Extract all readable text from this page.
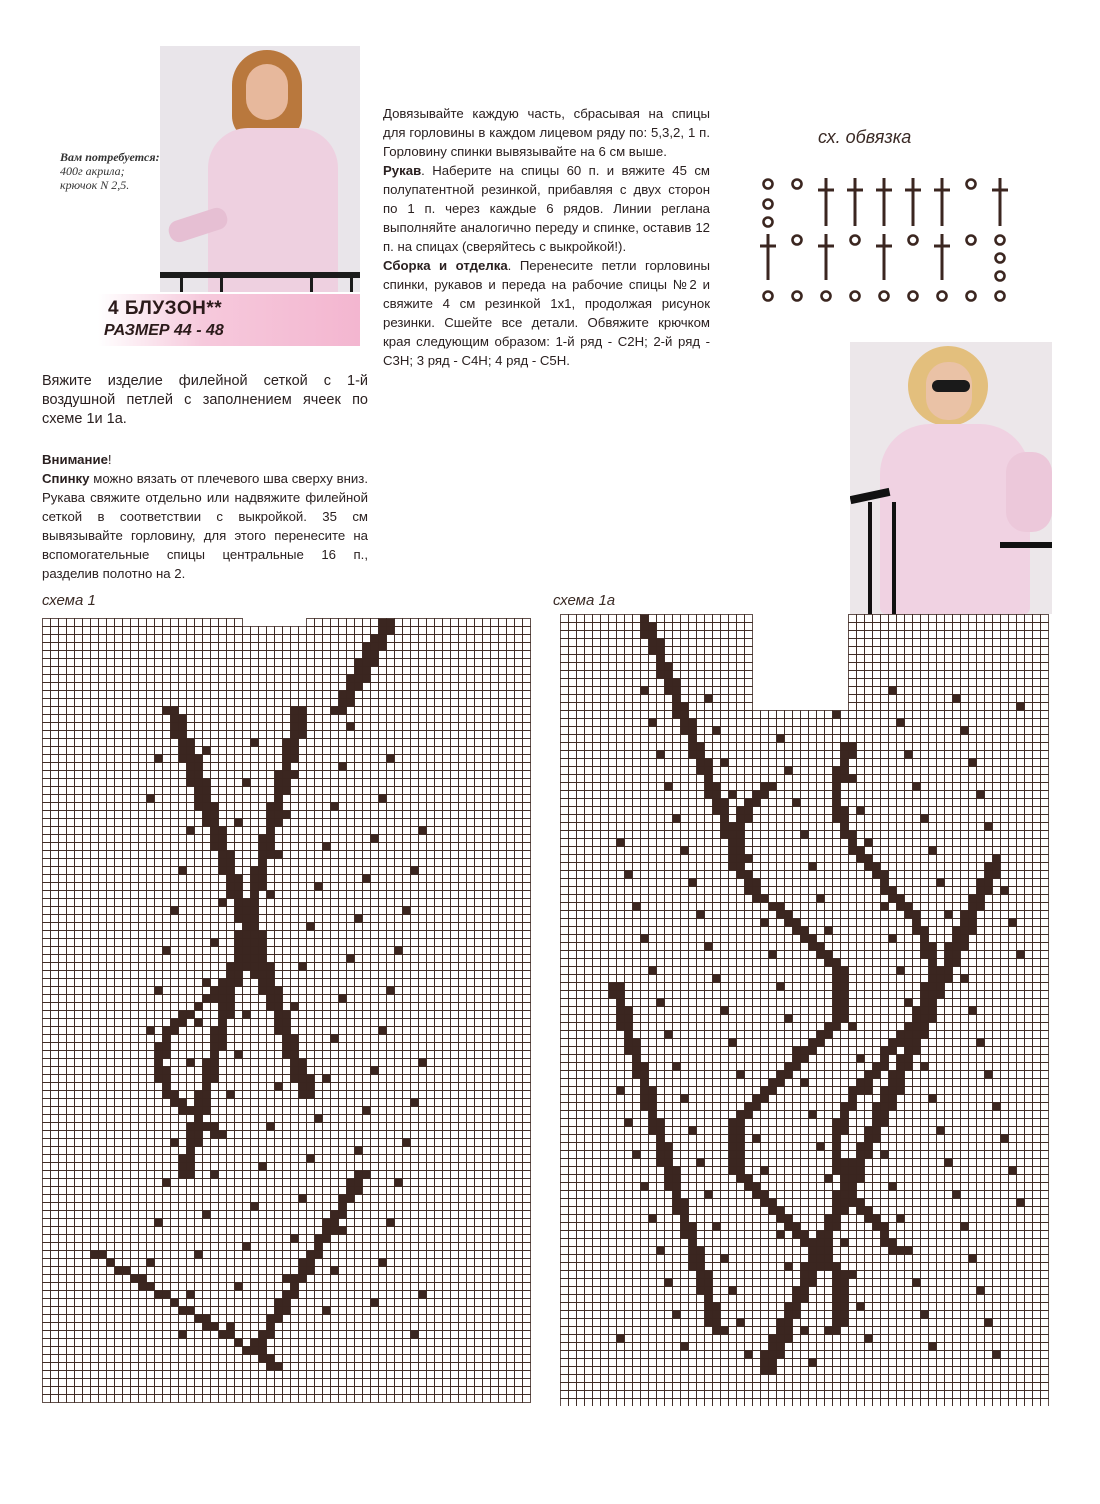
Вам потребуется:
400г акрила;
крючок N 2,5.
4 БЛУЗОН**
РАЗМЕР 44 - 48
Вяжите изделие филейной сеткой с 1-й воздушной петлей с заполнением ячеек по схеме 1и 1а.
Внимание!
Спинку можно вязать от плечевого шва сверху вниз. Рукава свяжите отдельно или надвяжите филейной сеткой в соответствии с выкройкой. 35 см вывязывайте горловину, для этого перенесите на вспомогательные спицы центральные 16 п., разделив полотно на 2.
Довязывайте каждую часть, сбрасывая на спицы для горловины в каждом лицевом ряду по: 5,3,2, 1 п. Горловину спинки вывязывайте на 6 см выше.
Рукав. Наберите на спицы 60 п. и вяжите 45 см полупатентной резинкой, прибавляя с двух сторон по 1 п. через каждые 6 рядов. Линии реглана выполняйте аналогично переду и спинке, оставив 12 п. на спицах (сверяйтесь с выкройкой!).
Сборка и отделка. Перенесите петли горловины спинки, рукавов и переда на рабочие спицы №2 и свяжите 4 см резинкой 1x1, продолжая рисунок резинки. Сшейте все детали. Обвяжите крючком края следующим образом: 1-й ряд - С2Н; 2-й ряд - С3Н; 3 ряд - С4Н; 4 ряд - С5Н.
сх. обвязка
схема 1	схема 1а
